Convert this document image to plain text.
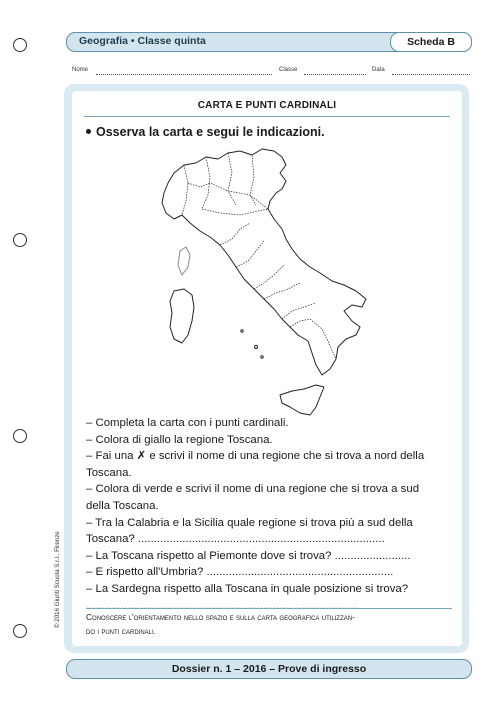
Geografia • Classe quinta	Scheda B
Nome	Classe	Data
CARTA E PUNTI CARDINALI
Osserva la carta e segui le indicazioni.
– Completa la carta con i punti cardinali.
– Colora di giallo la regione Toscana.
– Fai una ✗ e scrivi il nome di una regione che si trova a nord della
Toscana.
– Colora di verde e scrivi il nome di una regione che si trova a sud
della Toscana.
– Tra la Calabria e la Sicilia quale regione si trova più a sud della
Toscana? ..............................................................................
– La Toscana rispetto al Piemonte dove si trova? ........................
– E rispetto all'Umbria? ...........................................................
– La Sardegna rispetto alla Toscana in quale posizione si trova?
......................................................................................
Conoscere l'orientamento nello spazio e sulla carta geografica utilizzan-
do i punti cardinali.
© 2016 Giunti Scuola S.r.l., Firenze
Dossier n. 1 – 2016 – Prove di ingresso
